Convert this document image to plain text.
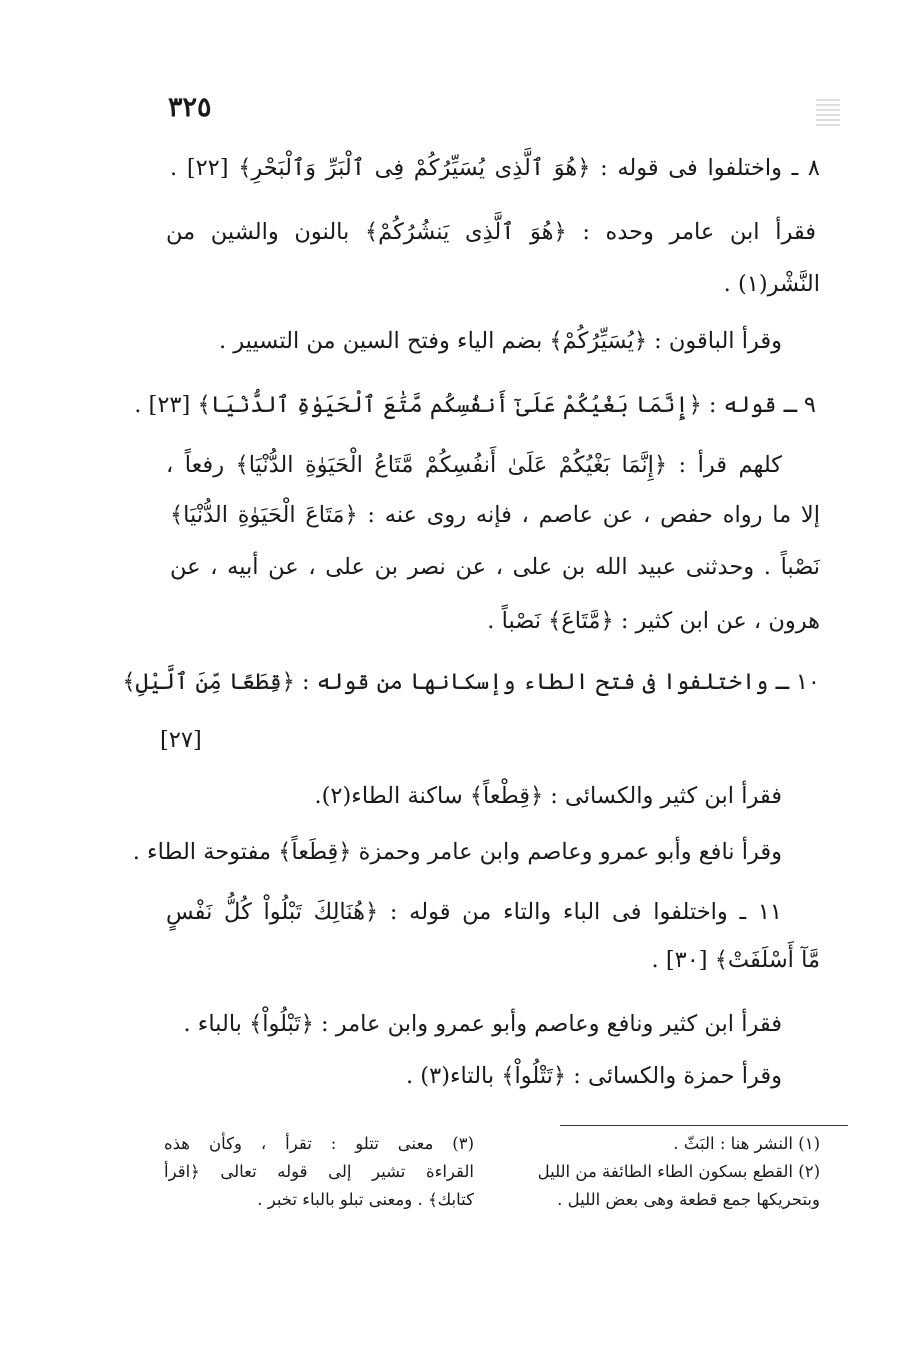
٣٢٥
٨ ـ واختلفوا فى قوله : ﴿هُوَ ٱلَّذِى يُسَيِّرُكُمْ فِى ٱلْبَرِّ وَٱلْبَحْرِ﴾ [٢٢] .
فقرأ ابن عامر وحده : ﴿هُوَ ٱلَّذِى يَنشُرُكُمْ﴾ بالنون والشين من
النَّشْر(١) .
وقرأ الباقون : ﴿يُسَيِّرُكُمْ﴾ بضم الياء وفتح السين من التسيير .
٩ ـ قوله : ﴿إِنَّمَا بَغْيُكُمْ عَلَىٰٓ أَنفُسِكُم مَّتَٰعَ ٱلْحَيَوٰةِ ٱلدُّنْيَا﴾ [٢٣] .
كلهم قرأ : ﴿إِنَّمَا بَغْيُكُمْ عَلَىٰ أَنفُسِكُمْ مَّتَاعُ الْحَيَوٰةِ الدُّنْيَا﴾ رفعاً ،
إلا ما رواه حفص ، عن عاصم ، فإنه روى عنه : ﴿مَتَاعَ الْحَيَوٰةِ الدُّنْيَا﴾
نَصْباً . وحدثنى عبيد الله بن على ، عن نصر بن على ، عن أبيه ، عن
هرون ، عن ابن كثير : ﴿مَّتَاعَ﴾ نَصْباً .
١٠ ـ واختلفوا فى فتح الطاء وإسكانها من قوله : ﴿قِطَعًا مِّنَ ٱلَّيْلِ﴾
[٢٧]
فقرأ ابن كثير والكسائى : ﴿قِطْعاً﴾ ساكنة الطاء(٢).
وقرأ نافع وأبو عمرو وعاصم وابن عامر وحمزة ﴿قِطَعاً﴾ مفتوحة الطاء .
١١ ـ واختلفوا فى الباء والتاء من قوله : ﴿هُنَالِكَ تَبْلُواْ كُلُّ نَفْسٍ
مَّآ أَسْلَفَتْ﴾ [٣٠] .
فقرأ ابن كثير ونافع وعاصم وأبو عمرو وابن عامر : ﴿تَبْلُواْ﴾ بالباء .
وقرأ حمزة والكسائى : ﴿تَتْلُواْ﴾ بالتاء(٣) .
(١) النشر هنا : البَثّ .
(٢) القطع بسكون الطاء الطائفة من الليل
وبتحريكها جمع قطعة وهى بعض الليل .
(٣) معنى تتلو : تقرأ ، وكأن هذه
القراءة تشير إلى قوله تعالى ﴿اقرأ
كتابك﴾ . ومعنى تبلو بالباء تخبر .
